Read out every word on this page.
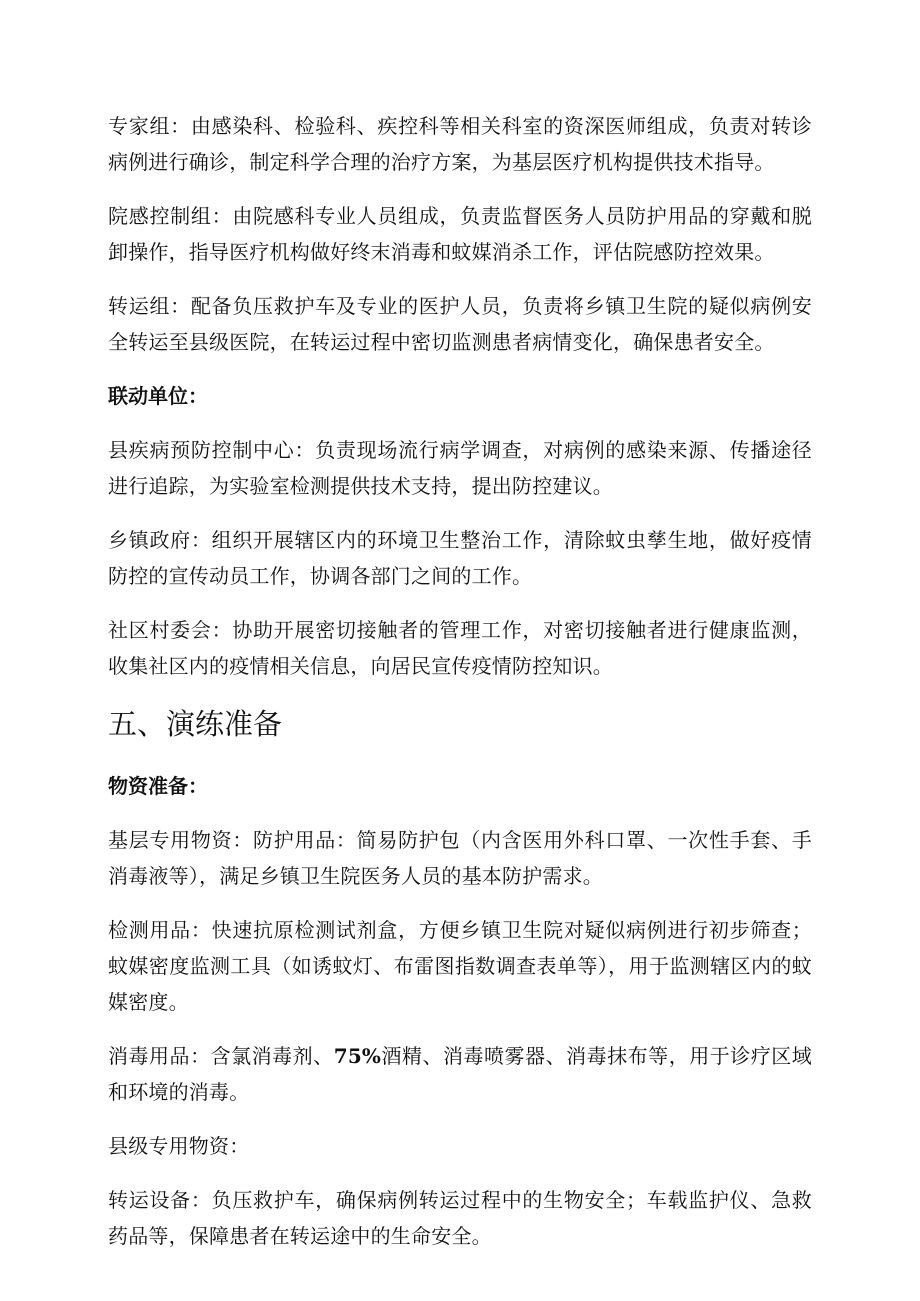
专家组：由感染科、检验科、疾控科等相关科室的资深医师组成，负责对转诊病例进行确诊，制定科学合理的治疗方案，为基层医疗机构提供技术指导。

院感控制组：由院感科专业人员组成，负责监督医务人员防护用品的穿戴和脱卸操作，指导医疗机构做好终末消毒和蚊媒消杀工作，评估院感防控效果。

转运组：配备负压救护车及专业的医护人员，负责将乡镇卫生院的疑似病例安全转运至县级医院，在转运过程中密切监测患者病情变化，确保患者安全。

联动单位：

县疾病预防控制中心：负责现场流行病学调查，对病例的感染来源、传播途径进行追踪，为实验室检测提供技术支持，提出防控建议。

乡镇政府：组织开展辖区内的环境卫生整治工作，清除蚊虫孳生地，做好疫情防控的宣传动员工作，协调各部门之间的工作。

社区村委会：协助开展密切接触者的管理工作，对密切接触者进行健康监测，收集社区内的疫情相关信息，向居民宣传疫情防控知识。

五、演练准备

物资准备：

基层专用物资：防护用品：简易防护包（内含医用外科口罩、一次性手套、手消毒液等），满足乡镇卫生院医务人员的基本防护需求。

检测用品：快速抗原检测试剂盒，方便乡镇卫生院对疑似病例进行初步筛查；蚊媒密度监测工具（如诱蚊灯、布雷图指数调查表单等），用于监测辖区内的蚊媒密度。

消毒用品：含氯消毒剂、75%酒精、消毒喷雾器、消毒抹布等，用于诊疗区域和环境的消毒。

县级专用物资：

转运设备：负压救护车，确保病例转运过程中的生物安全；车载监护仪、急救药品等，保障患者在转运途中的生命安全。
